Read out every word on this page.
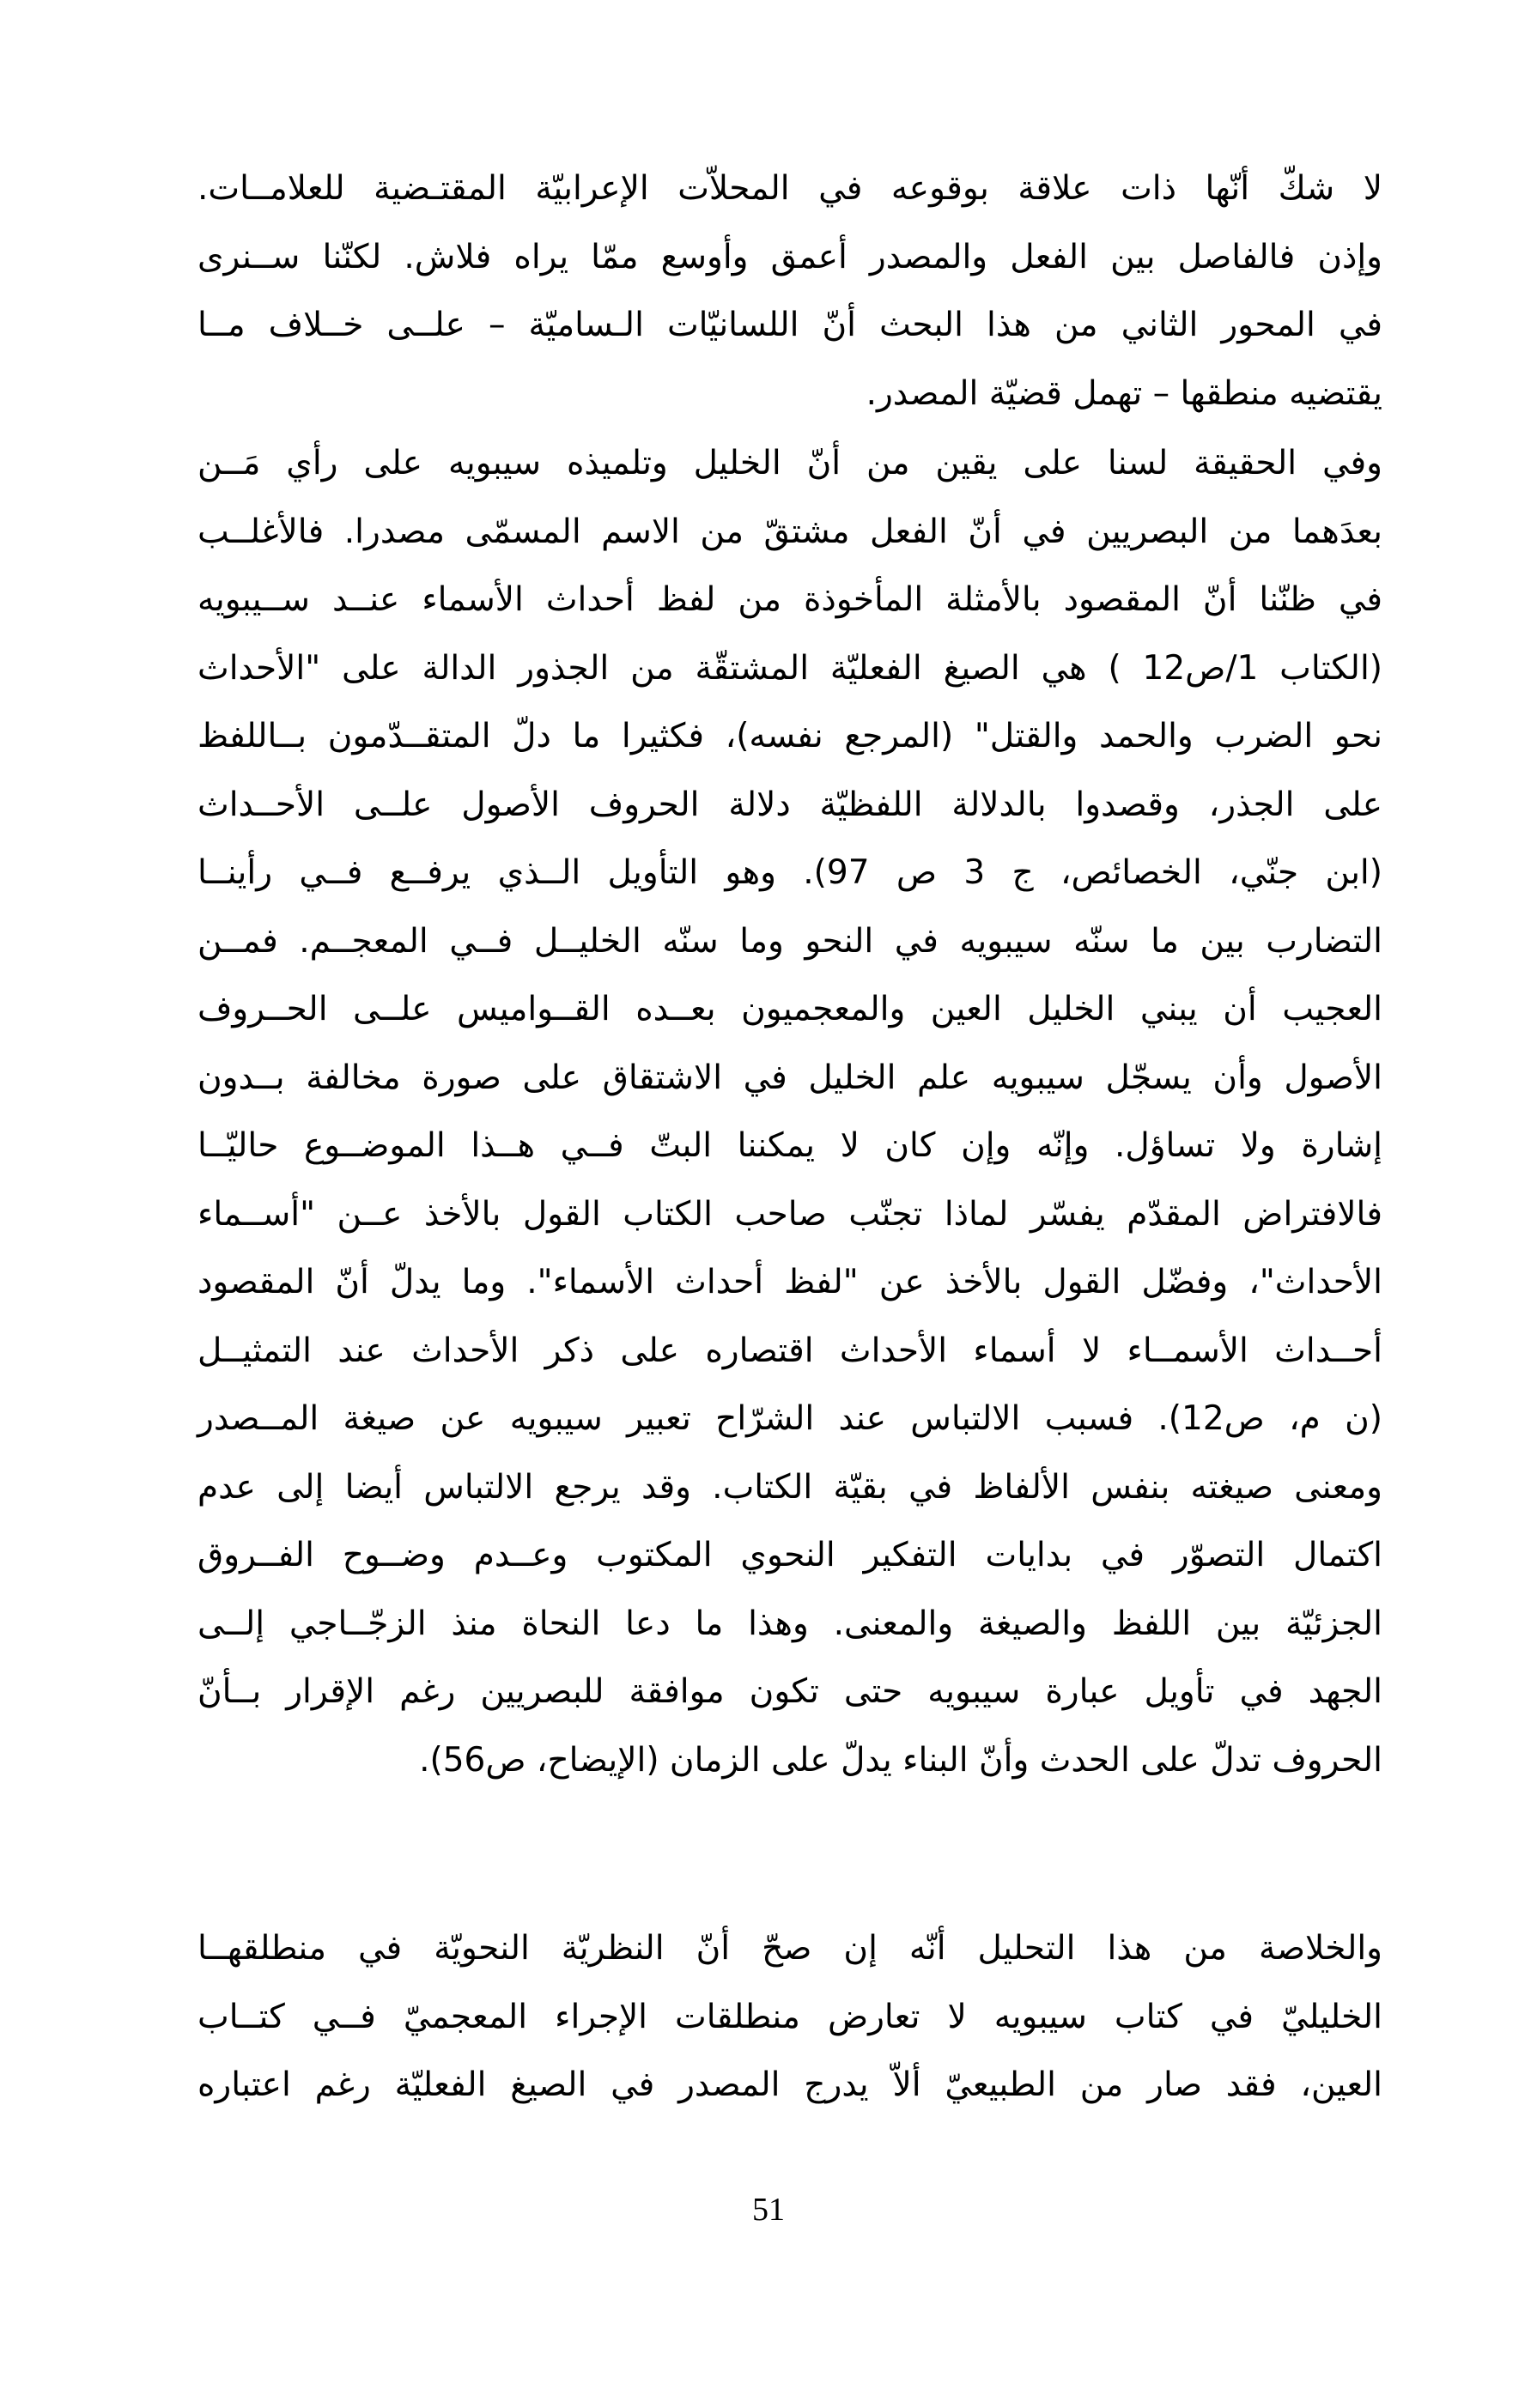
لا شكّ أنّها ذات علاقة بوقوعه في المحلاّت الإعرابيّة المقتـضية للعلامــات.
وإذن فالفاصل بين الفعل والمصدر أعمق وأوسع ممّا يراه فلاش. لكنّنا ســنرى
في المحور الثاني من هذا البحث أنّ اللسانيّات الـساميّة – علــى خــلاف مــا
يقتضيه منطقها – تهمل قضيّة المصدر.
وفي الحقيقة لسنا على يقين من أنّ الخليل وتلميذه سيبويه على رأي مَــن
بعدَهما من البصريين في أنّ الفعل مشتقّ من الاسم المسمّى مصدرا. فالأغلــب
في ظنّنا أنّ المقصود بالأمثلة المأخوذة من لفظ أحداث الأسماء عنــد ســيبويه
(الكتاب 1/ص12 ) هي الصيغ الفعليّة المشتقّة من الجذور الدالة على "الأحداث
نحو الضرب والحمد والقتل" (المرجع نفسه)، فكثيرا ما دلّ المتقــدّمون بــاللفظ
على الجذر، وقصدوا بالدلالة اللفظيّة دلالة الحروف الأصول علــى الأحــداث
(ابن جنّي، الخصائص، ج 3 ص 97). وهو التأويل الــذي يرفــع فــي رأينــا
التضارب بين ما سنّه سيبويه في النحو وما سنّه الخليــل فــي المعجــم. فمــن
العجيب أن يبني الخليل العين والمعجميون بعــده القــواميس علــى الحــروف
الأصول وأن يسجّل سيبويه علم الخليل في الاشتقاق على صورة مخالفة بــدون
إشارة ولا تساؤل. وإنّه وإن كان لا يمكننا البتّ فــي هــذا الموضــوع حاليّــا
فالافتراض المقدّم يفسّر لماذا تجنّب صاحب الكتاب القول بالأخذ عــن "أســماء
الأحداث"، وفضّل القول بالأخذ عن "لفظ أحداث الأسماء". وما يدلّ أنّ المقصود
أحــداث الأسمــاء لا أسماء الأحداث اقتصاره على ذكر الأحداث عند التمثيــل
(ن م، ص12). فسبب الالتباس عند الشرّاح تعبير سيبويه عن صيغة المــصدر
ومعنى صيغته بنفس الألفاظ في بقيّة الكتاب. وقد يرجع الالتباس أيضا إلى عدم
اكتمال التصوّر في بدايات التفكير النحوي المكتوب وعــدم وضــوح الفــروق
الجزئيّة بين اللفظ والصيغة والمعنى. وهذا ما دعا النحاة منذ الزجّــاجي إلــى
الجهد في تأويل عبارة سيبويه حتى تكون موافقة للبصريين رغم الإقرار بــأنّ
الحروف تدلّ على الحدث وأنّ البناء يدلّ على الزمان (الإيضاح، ص56).
والخلاصة من هذا التحليل أنّه إن صحّ أنّ النظريّة النحويّة في منطلقهــا
الخليليّ في كتاب سيبويه لا تعارض منطلقات الإجراء المعجميّ فــي كتــاب
العين، فقد صار من الطبيعيّ ألاّ يدرج المصدر في الصيغ الفعليّة رغم اعتباره
51
